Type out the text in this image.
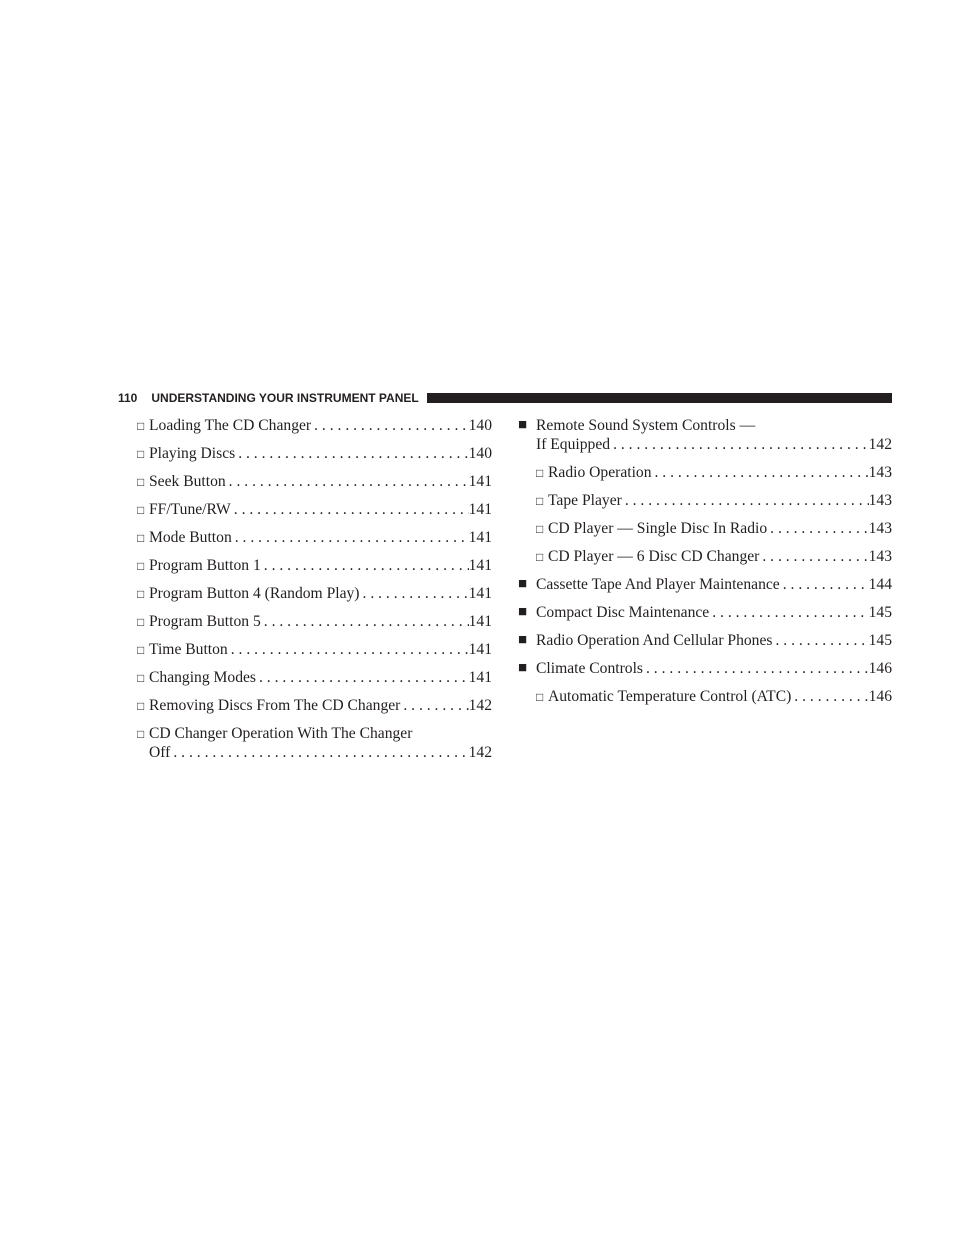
110 UNDERSTANDING YOUR INSTRUMENT PANEL
□ Loading The CD Changer . . .	140
□ Playing Discs . . .	140
□ Seek Button . . .	141
□ FF/Tune/RW . . .	141
□ Mode Button . . .	141
□ Program Button 1 . . .	141
□ Program Button 4 (Random Play) . . .	141
□ Program Button 5 . . .	141
□ Time Button . . .	141
□ Changing Modes . . .	141
□ Removing Discs From The CD Changer . . .	142
□ CD Changer Operation With The Changer
Off . . .	142
■ Remote Sound System Controls —
If Equipped . . .	142
□ Radio Operation . . .	143
□ Tape Player . . .	143
□ CD Player — Single Disc In Radio . . .	143
□ CD Player — 6 Disc CD Changer . . .	143
■ Cassette Tape And Player Maintenance . . .	144
■ Compact Disc Maintenance . . .	145
■ Radio Operation And Cellular Phones . . .	145
■ Climate Controls . . .	146
□ Automatic Temperature Control (ATC) . . .	146
